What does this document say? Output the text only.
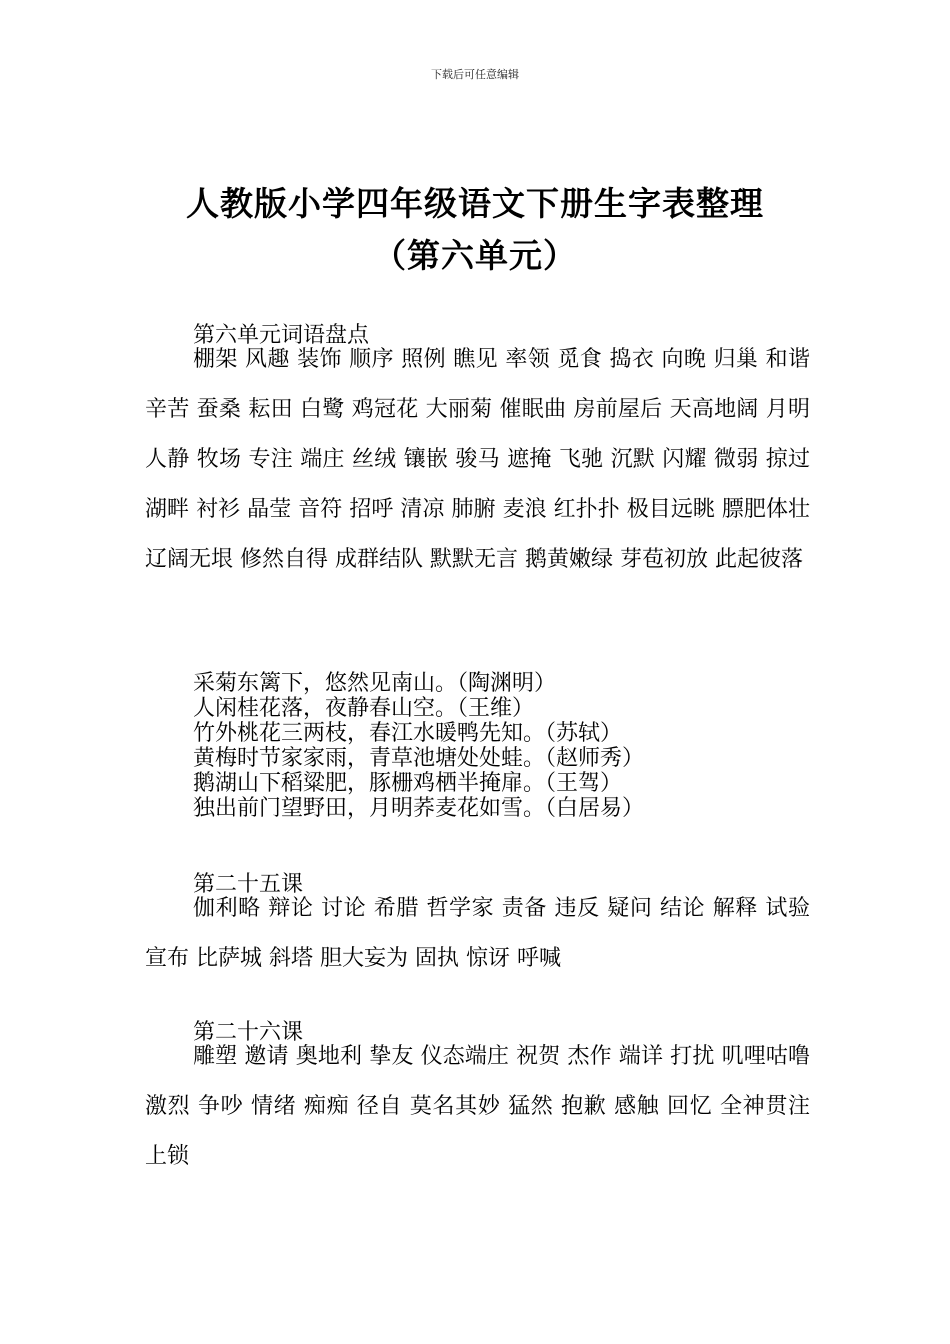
下载后可任意编辑
人教版小学四年级语文下册生字表整理
（第六单元）

第六单元词语盘点

棚架 风趣 装饰 顺序 照例 瞧见 率领 觅食 捣衣 向晚 归巢 和谐 辛苦 蚕桑 耘田 白鹭 鸡冠花 大丽菊 催眠曲 房前屋后 天高地阔 月明人静 牧场 专注 端庄 丝绒 镶嵌 骏马 遮掩 飞驰 沉默 闪耀 微弱 掠过 湖畔 衬衫 晶莹 音符 招呼 清凉 肺腑 麦浪 红扑扑 极目远眺 膘肥体壮 辽阔无垠 修然自得 成群结队 默默无言 鹅黄嫩绿 芽苞初放 此起彼落

采菊东篱下，悠然见南山。（陶渊明）

人闲桂花落，夜静春山空。（王维）

竹外桃花三两枝，春江水暖鸭先知。（苏轼）

黄梅时节家家雨，青草池塘处处蛙。（赵师秀）

鹅湖山下稻粱肥，豚栅鸡栖半掩扉。（王驾）

独出前门望野田，月明荞麦花如雪。（白居易）

第二十五课

伽利略 辩论 讨论 希腊 哲学家 责备 违反 疑问 结论 解释 试验 宣布 比萨城 斜塔 胆大妄为 固执 惊讶 呼喊

第二十六课

雕塑 邀请 奥地利 挚友 仪态端庄 祝贺 杰作 端详 打扰 叽哩咕噜 激烈 争吵 情绪 痴痴 径自 莫名其妙 猛然 抱歉 感触 回忆 全神贯注 上锁
